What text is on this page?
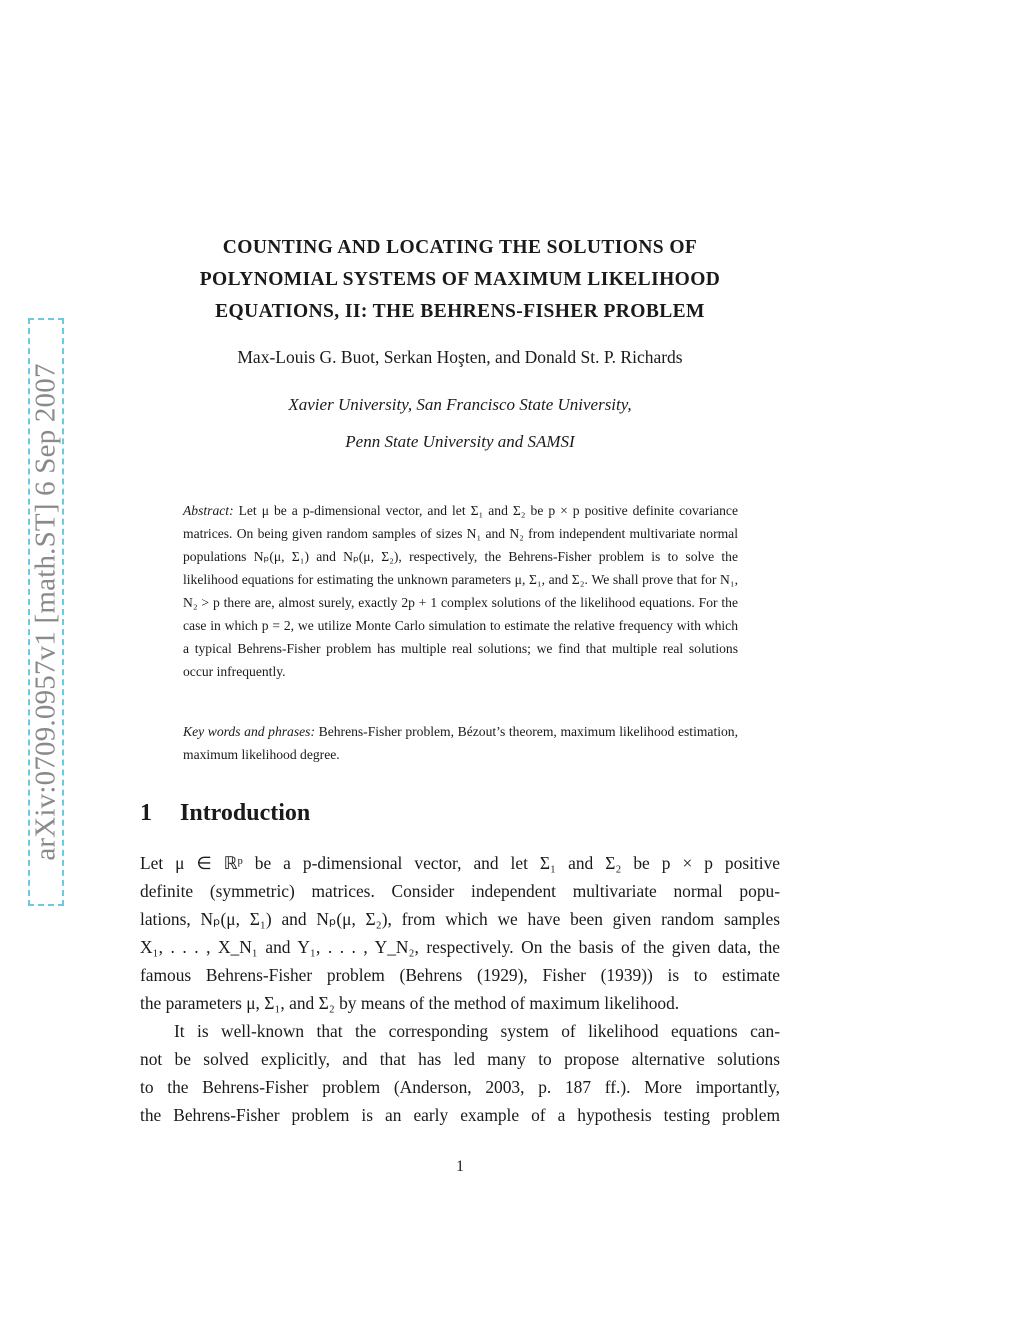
arXiv:0709.0957v1 [math.ST] 6 Sep 2007
COUNTING AND LOCATING THE SOLUTIONS OF
POLYNOMIAL SYSTEMS OF MAXIMUM LIKELIHOOD
EQUATIONS, II: THE BEHRENS-FISHER PROBLEM
Max-Louis G. Buot, Serkan Hoşten, and Donald St. P. Richards
Xavier University, San Francisco State University,
Penn State University and SAMSI
Abstract: Let μ be a p-dimensional vector, and let Σ₁ and Σ₂ be p × p positive definite covariance matrices. On being given random samples of sizes N₁ and N₂ from independent multivariate normal populations Nₚ(μ, Σ₁) and Nₚ(μ, Σ₂), respectively, the Behrens-Fisher problem is to solve the likelihood equations for estimating the unknown parameters μ, Σ₁, and Σ₂. We shall prove that for N₁, N₂ > p there are, almost surely, exactly 2p + 1 complex solutions of the likelihood equations. For the case in which p = 2, we utilize Monte Carlo simulation to estimate the relative frequency with which a typical Behrens-Fisher problem has multiple real solutions; we find that multiple real solutions occur infrequently.
Key words and phrases: Behrens-Fisher problem, Bézout’s theorem, maximum likelihood estimation, maximum likelihood degree.
1 Introduction
Let μ ∈ ℝᵖ be a p-dimensional vector, and let Σ₁ and Σ₂ be p × p positive
definite (symmetric) matrices. Consider independent multivariate normal popu-
lations, Nₚ(μ, Σ₁) and Nₚ(μ, Σ₂), from which we have been given random samples
X₁, . . . , X_N₁ and Y₁, . . . , Y_N₂, respectively. On the basis of the given data, the
famous Behrens-Fisher problem (Behrens (1929), Fisher (1939)) is to estimate
the parameters μ, Σ₁, and Σ₂ by means of the method of maximum likelihood.
It is well-known that the corresponding system of likelihood equations can-
not be solved explicitly, and that has led many to propose alternative solutions
to the Behrens-Fisher problem (Anderson, 2003, p. 187 ff.). More importantly,
the Behrens-Fisher problem is an early example of a hypothesis testing problem
1
